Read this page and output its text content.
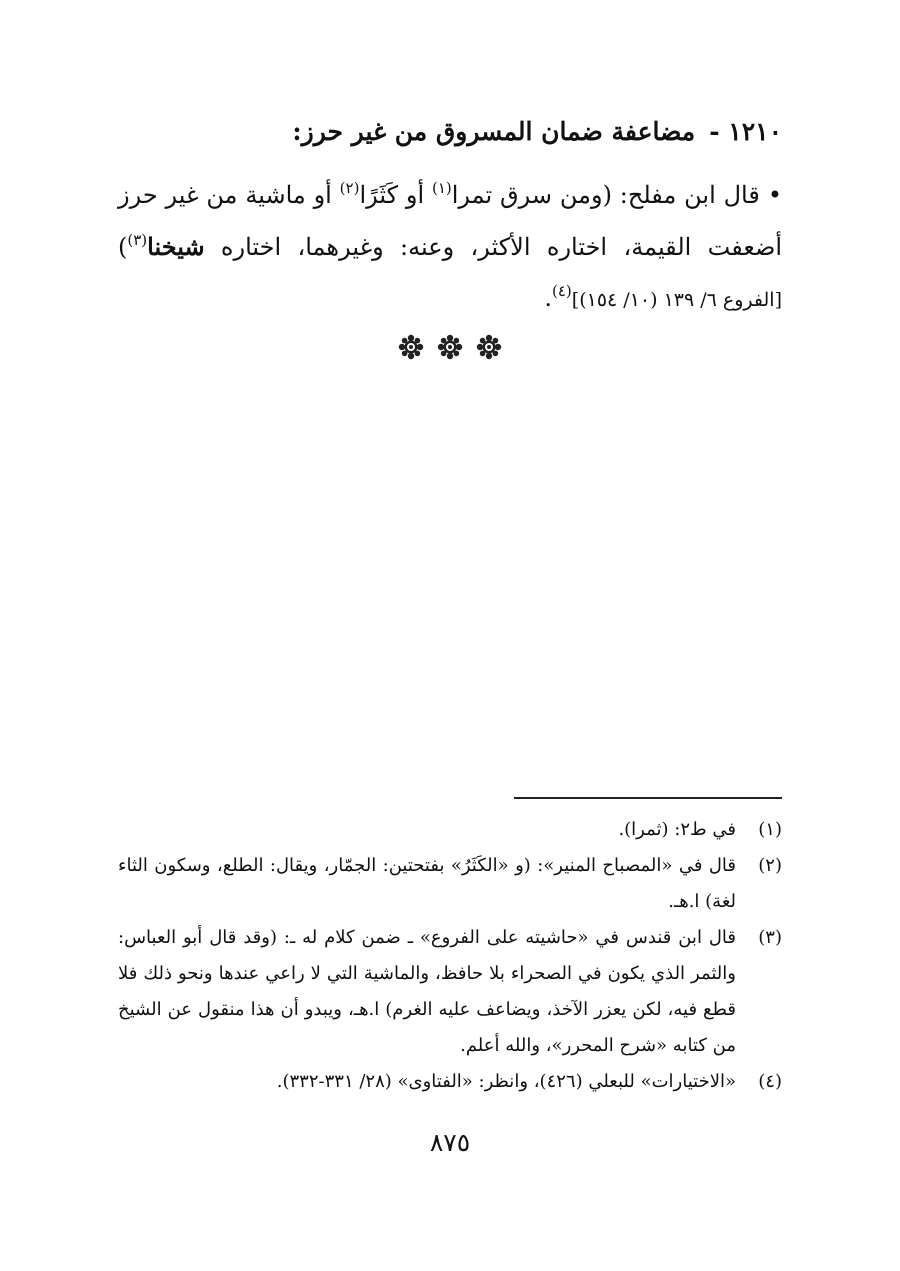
١٢١٠ -مضاعفة ضمان المسروق من غير حرز:
•قال ابن مفلح: (ومن سرق تمرا$^{(١)}$ أو كَثَرًا$^{(٢)}$ أو ماشية من غير حرز أضعفت القيمة، اختاره الأكثر، وعنه: وغيرهما، اختاره شيخنا$^{(٣)}$) [الفروع ٦/ ١٣٩ (١٠/ ١٥٤)]$^{(٤)}$.
(١)
في ط٢: (ثمرا).
(٢)
قال في «المصباح المنير»: (و «الكَثَرُ» بفتحتين: الجمّار، ويقال: الطلع، وسكون الثاء لغة) ا.هـ.
(٣)
قال ابن قندس في «حاشيته على الفروع» ـ ضمن كلام له ـ: (وقد قال أبو العباس: والثمر الذي يكون في الصحراء بلا حافظ، والماشية التي لا راعي عندها ونحو ذلك فلا قطع فيه، لكن يعزر الآخذ، ويضاعف عليه الغرم) ا.هـ، ويبدو أن هذا منقول عن الشيخ من كتابه «شرح المحرر»، والله أعلم.
(٤)
«الاختيارات» للبعلي (٤٢٦)، وانظر: «الفتاوى» (٢٨/ ٣٣١-٣٣٢).
٨٧٥
